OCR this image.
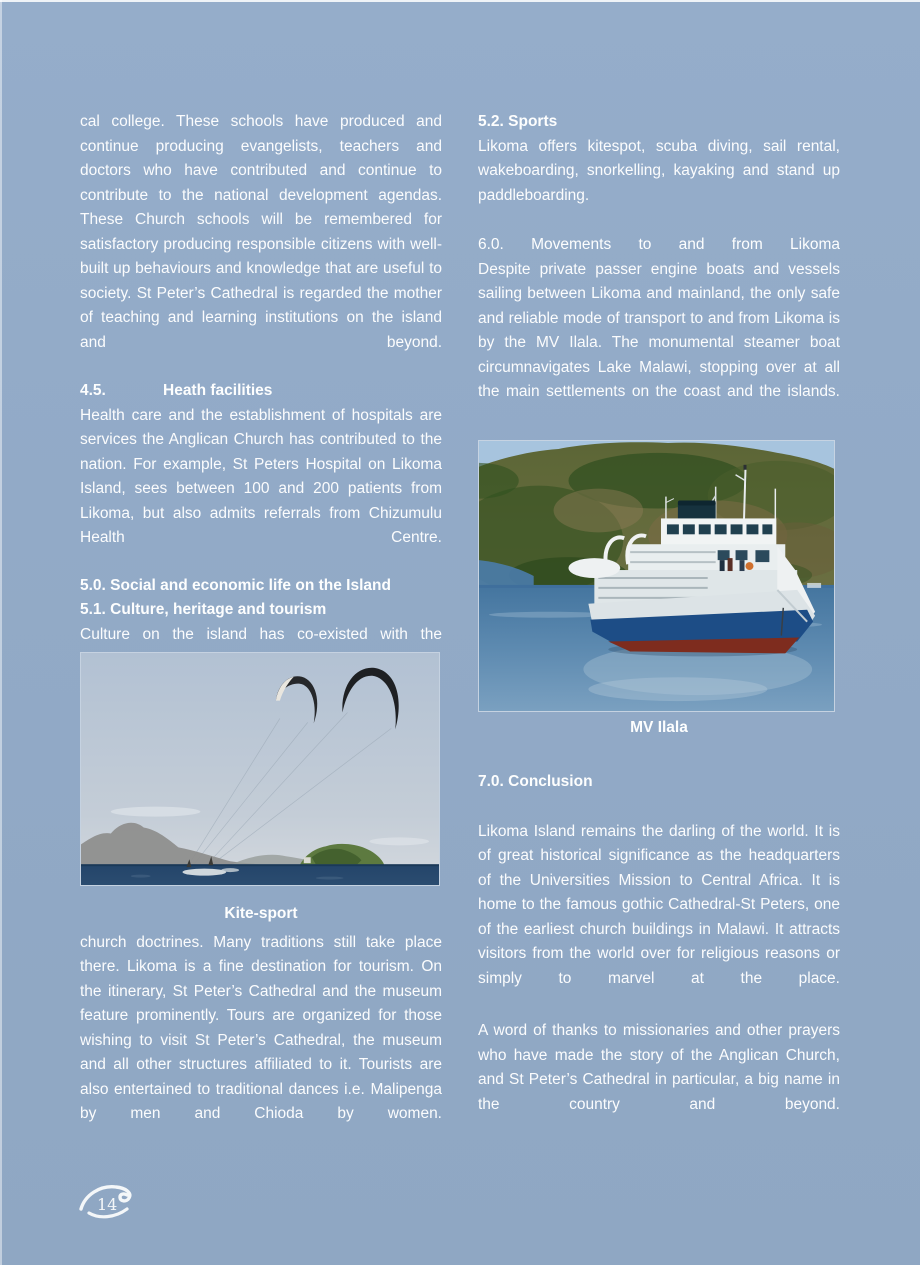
cal college. These schools have produced and continue producing evangelists, teachers and doctors who have contributed and continue to contribute to the national development agendas. These Church schools will be remembered for satisfactory producing responsible citizens with well-built up behaviours and knowledge that are useful to society. St Peter’s Cathedral is regarded the mother of teaching and learning institutions on the island and beyond.

4.5.	Heath facilities

Health care and the establishment of hospitals are services the Anglican Church has contributed to the nation. For example, St Peters Hospital on Likoma Island, sees between 100 and 200 patients from Likoma, but also admits referrals from Chizumulu Health Centre.

5.0. Social and economic life on the Island
5.1. Culture, heritage and tourism

Culture on the island has co-existed with the

Kite-sport

church doctrines. Many traditions still take place there. Likoma is a fine destination for tourism. On the itinerary, St Peter’s Cathedral and the museum feature prominently. Tours are organized for those wishing to visit St Peter’s Cathedral, the museum and all other structures affiliated to it. Tourists are also entertained to traditional dances i.e. Malipenga by men and Chioda by women.

5.2. Sports

Likoma offers kitespot, scuba diving, sail rental, wakeboarding, snorkelling, kayaking and stand up paddleboarding.

6.0. Movements to and from Likoma

Despite private passer engine boats and vessels sailing between Likoma and mainland, the only safe and reliable mode of transport to and from Likoma is by the MV Ilala. The monumental steamer boat circumnavigates Lake Malawi, stopping over at all the main settlements on the coast and the islands.

MV Ilala
7.0. Conclusion

Likoma Island remains the darling of the world. It is of great historical significance as the headquarters of the Universities Mission to Central Africa. It is home to the famous gothic Cathedral-St Peters, one of the earliest church buildings in Malawi. It attracts visitors from the world over for religious reasons or simply to marvel at the place.

A word of thanks to missionaries and other prayers who have made the story of the Anglican Church, and St Peter’s Cathedral in particular, a big name in the country and beyond.

14
